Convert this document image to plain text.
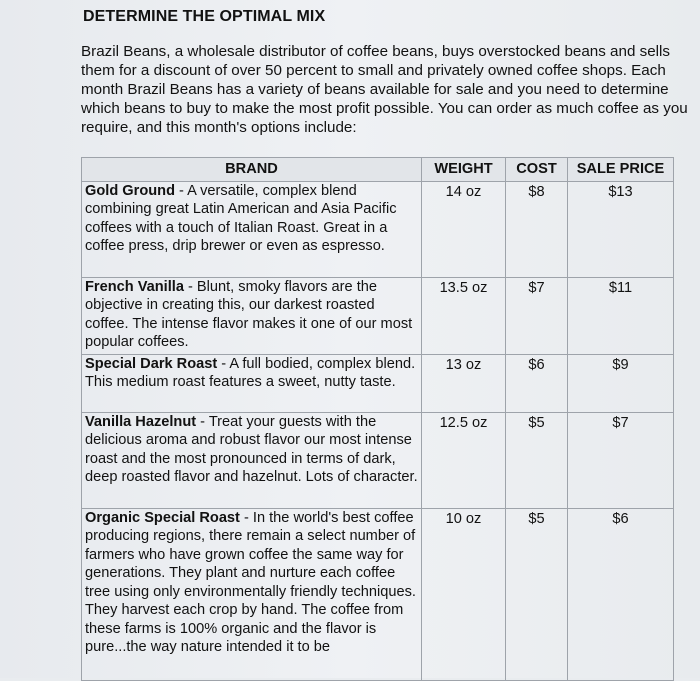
DETERMINE THE OPTIMAL MIX
Brazil Beans, a wholesale distributor of coffee beans, buys overstocked beans and sells them for a discount of over 50 percent to small and privately owned coffee shops. Each month Brazil Beans has a variety of beans available for sale and you need to determine which beans to buy to make the most profit possible. You can order as much coffee as you require, and this month's options include:
BRAND	WEIGHT	COST	SALE PRICE
Gold Ground - A versatile, complex blend combining great Latin American and Asia Pacific coffees with a touch of Italian Roast. Great in a coffee press, drip brewer or even as espresso.	14 oz	$8	$13
French Vanilla - Blunt, smoky flavors are the objective in creating this, our darkest roasted coffee. The intense flavor makes it one of our most popular coffees.	13.5 oz	$7	$11
Special Dark Roast - A full bodied, complex blend. This medium roast features a sweet, nutty taste.	13 oz	$6	$9
Vanilla Hazelnut - Treat your guests with the delicious aroma and robust flavor our most intense roast and the most pronounced in terms of dark, deep roasted flavor and hazelnut. Lots of character.	12.5 oz	$5	$7
Organic Special Roast - In the world's best coffee producing regions, there remain a select number of farmers who have grown coffee the same way for generations. They plant and nurture each coffee tree using only environmentally friendly techniques. They harvest each crop by hand. The coffee from these farms is 100% organic and the flavor is pure...the way nature intended it to be	10 oz	$5	$6
